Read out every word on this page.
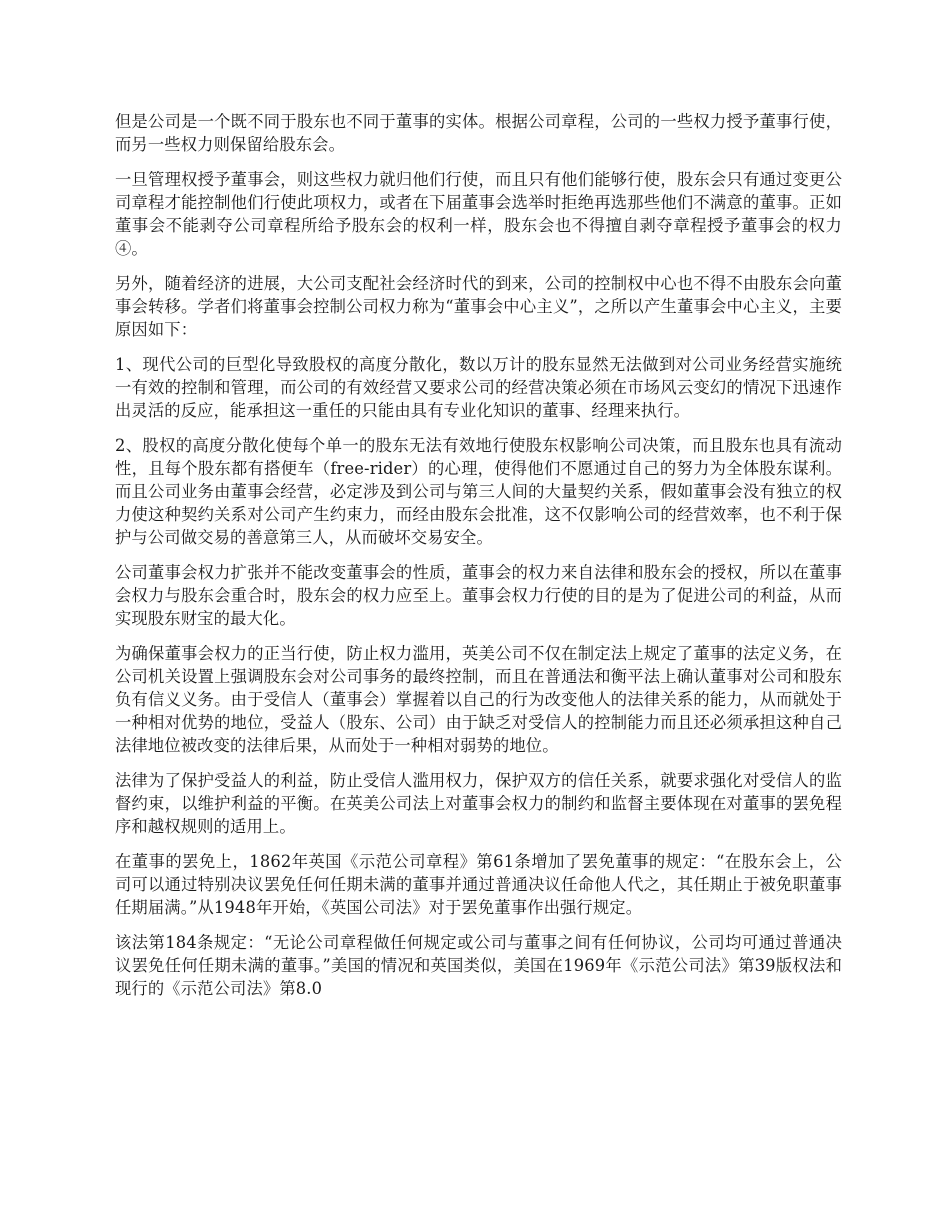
但是公司是一个既不同于股东也不同于董事的实体。根据公司章程，公司的一些权力授予董事行使，而另一些权力则保留给股东会。

一旦管理权授予董事会，则这些权力就归他们行使，而且只有他们能够行使，股东会只有通过变更公司章程才能控制他们行使此项权力，或者在下届董事会选举时拒绝再选那些他们不满意的董事。正如董事会不能剥夺公司章程所给予股东会的权利一样，股东会也不得擅自剥夺章程授予董事会的权力④。

另外，随着经济的进展，大公司支配社会经济时代的到来，公司的控制权中心也不得不由股东会向董事会转移。学者们将董事会控制公司权力称为“董事会中心主义”，之所以产生董事会中心主义，主要原因如下：

1、现代公司的巨型化导致股权的高度分散化，数以万计的股东显然无法做到对公司业务经营实施统一有效的控制和管理，而公司的有效经营又要求公司的经营决策必须在市场风云变幻的情况下迅速作出灵活的反应，能承担这一重任的只能由具有专业化知识的董事、经理来执行。

2、股权的高度分散化使每个单一的股东无法有效地行使股东权影响公司决策，而且股东也具有流动性，且每个股东都有搭便车（free-rider）的心理，使得他们不愿通过自己的努力为全体股东谋利。而且公司业务由董事会经营，必定涉及到公司与第三人间的大量契约关系，假如董事会没有独立的权力使这种契约关系对公司产生约束力，而经由股东会批准，这不仅影响公司的经营效率，也不利于保护与公司做交易的善意第三人，从而破坏交易安全。

公司董事会权力扩张并不能改变董事会的性质，董事会的权力来自法律和股东会的授权，所以在董事会权力与股东会重合时，股东会的权力应至上。董事会权力行使的目的是为了促进公司的利益，从而实现股东财宝的最大化。

为确保董事会权力的正当行使，防止权力滥用，英美公司不仅在制定法上规定了董事的法定义务，在公司机关设置上强调股东会对公司事务的最终控制，而且在普通法和衡平法上确认董事对公司和股东负有信义义务。由于受信人（董事会）掌握着以自己的行为改变他人的法律关系的能力，从而就处于一种相对优势的地位，受益人（股东、公司）由于缺乏对受信人的控制能力而且还必须承担这种自己法律地位被改变的法律后果，从而处于一种相对弱势的地位。

法律为了保护受益人的利益，防止受信人滥用权力，保护双方的信任关系，就要求强化对受信人的监督约束，以维护利益的平衡。在英美公司法上对董事会权力的制约和监督主要体现在对董事的罢免程序和越权规则的适用上。

在董事的罢免上，1862年英国《示范公司章程》第61条增加了罢免董事的规定：“在股东会上，公司可以通过特别决议罢免任何任期未满的董事并通过普通决议任命他人代之，其任期止于被免职董事任期届满。”从1948年开始，《英国公司法》对于罢免董事作出强行规定。

该法第184条规定：“无论公司章程做任何规定或公司与董事之间有任何协议，公司均可通过普通决议罢免任何任期未满的董事。”美国的情况和英国类似，美国在1969年《示范公司法》第39版权法和现行的《示范公司法》第8.0
